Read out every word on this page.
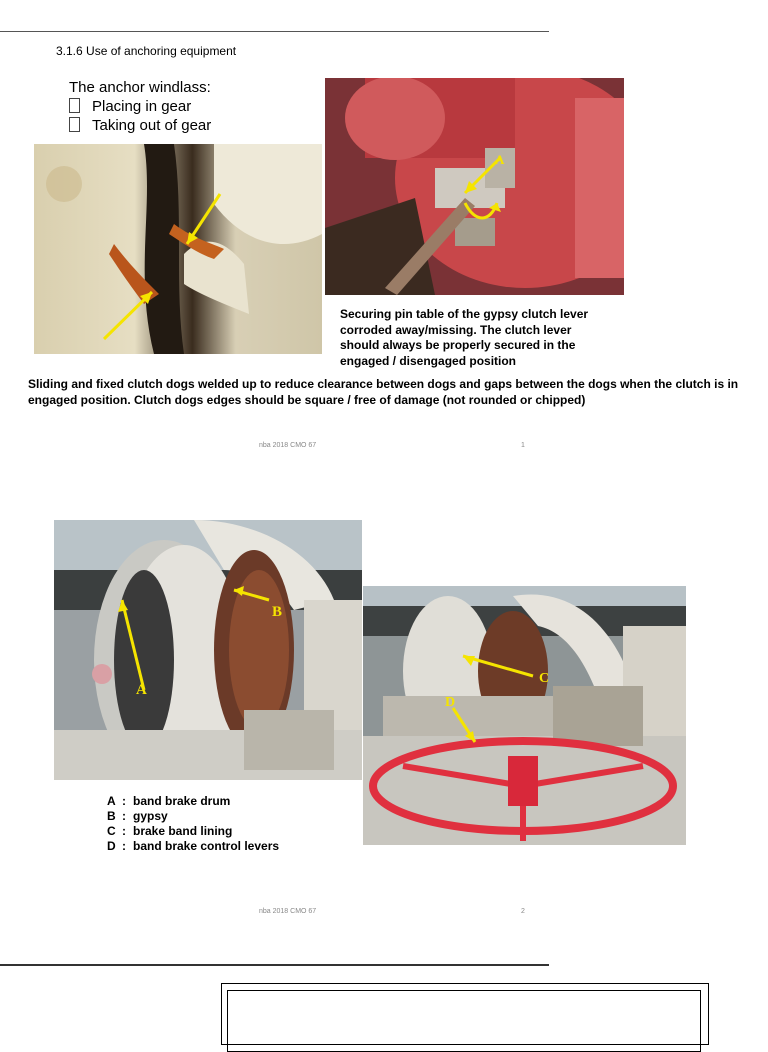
3.1.6 Use of anchoring equipment
The anchor windlass:
Placing in gear
Taking out of gear
A
Securing pin table of the gypsy clutch lever corroded away/missing. The clutch lever should always be properly secured in the engaged / disengaged position
Sliding and fixed clutch dogs welded up to reduce clearance between dogs and gaps between the dogs when the clutch is in engaged position. Clutch dogs edges should be square / free of damage (not rounded or chipped)
nba 2018 CMO 67	1
A
B
C
D
A : band brake drum
B : gypsy
C : brake band lining
D : band brake control levers
nba 2018 CMO 67	2
